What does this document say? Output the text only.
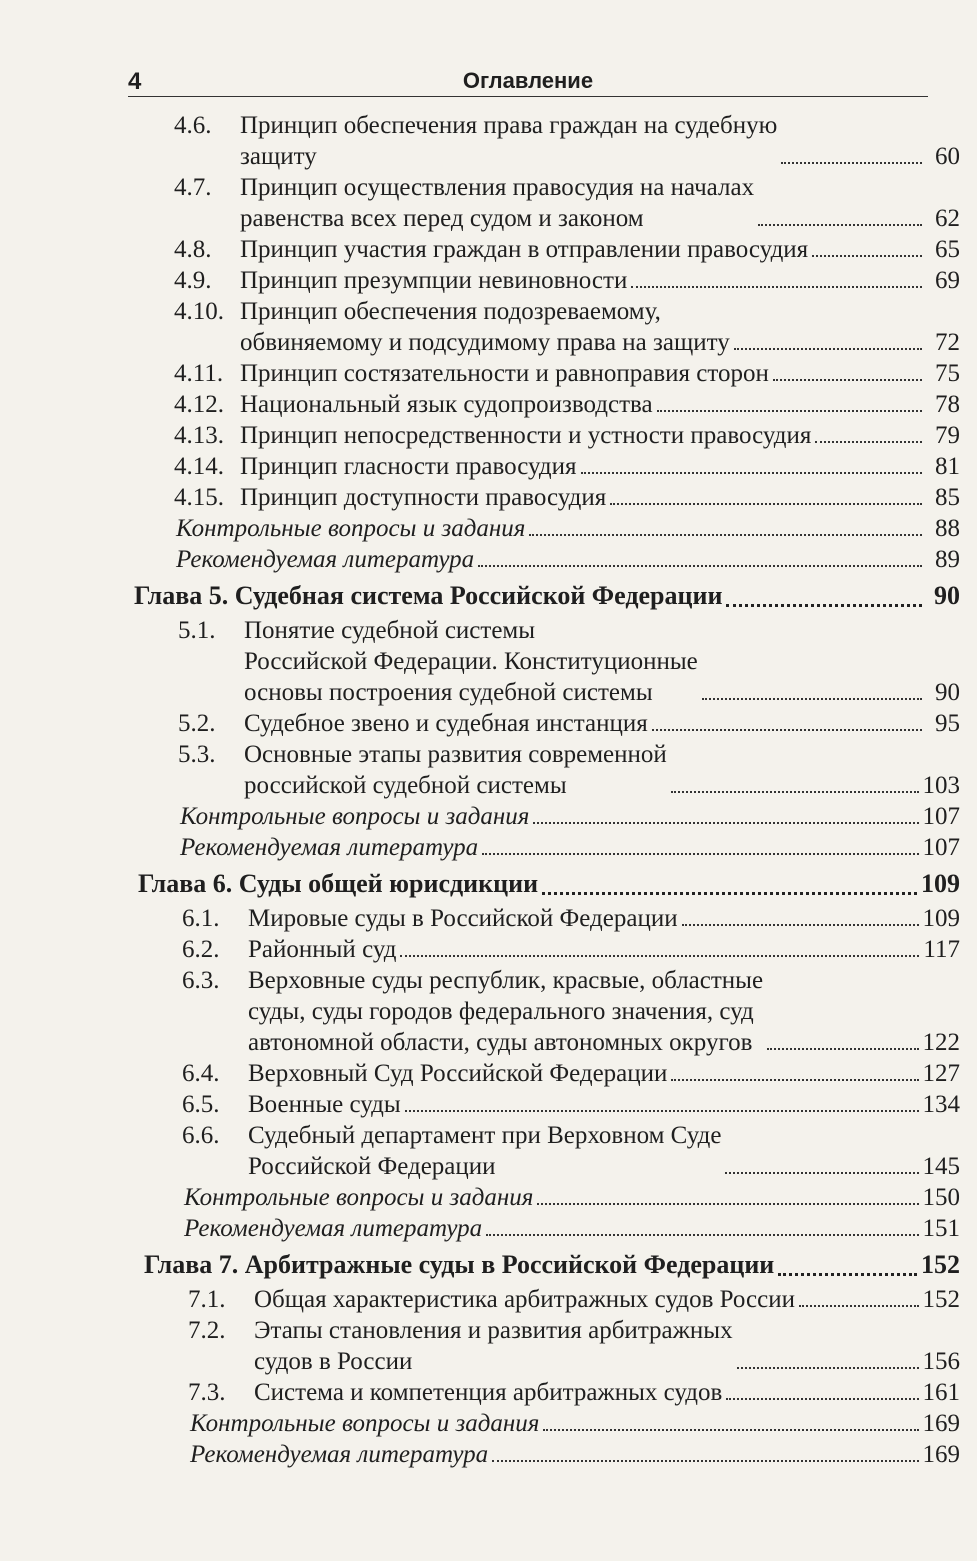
4	Оглавление
4.6. Принцип обеспечения права граждан на судебную
защиту	60
4.7. Принцип осуществления правосудия на началах
равенства всех перед судом и законом	62
4.8. Принцип участия граждан в отправлении правосудия	65
4.9. Принцип презумпции невиновности	69
4.10. Принцип обеспечения подозреваемому,
обвиняемому и подсудимому права на защиту	72
4.11. Принцип состязательности и равноправия сторон	75
4.12. Национальный язык судопроизводства	78
4.13. Принцип непосредственности и устности правосудия	79
4.14. Принцип гласности правосудия	81
4.15. Принцип доступности правосудия	85
Контрольные вопросы и задания	88
Рекомендуемая литература	89
Глава 5. Судебная система Российской Федерации	90
5.1. Понятие судебной системы
Российской Федерации. Конституционные
основы построения судебной системы	90
5.2. Судебное звено и судебная инстанция	95
5.3. Основные этапы развития современной
российской судебной системы	103
Контрольные вопросы и задания	107
Рекомендуемая литература	107
Глава 6. Суды общей юрисдикции	109
6.1. Мировые суды в Российской Федерации	109
6.2. Районный суд	117
6.3. Верховные суды республик, красвые, областные
суды, суды городов федерального значения, суд
автономной области, суды автономных округов	122
6.4. Верховный Суд Российской Федерации	127
6.5. Военные суды	134
6.6. Судебный департамент при Верховном Суде
Российской Федерации	145
Контрольные вопросы и задания	150
Рекомендуемая литература	151
Глава 7. Арбитражные суды в Российской Федерации	152
7.1. Общая характеристика арбитражных судов России	152
7.2. Этапы становления и развития арбитражных
судов в России	156
7.3. Система и компетенция арбитражных судов	161
Контрольные вопросы и задания	169
Рекомендуемая литература	169
